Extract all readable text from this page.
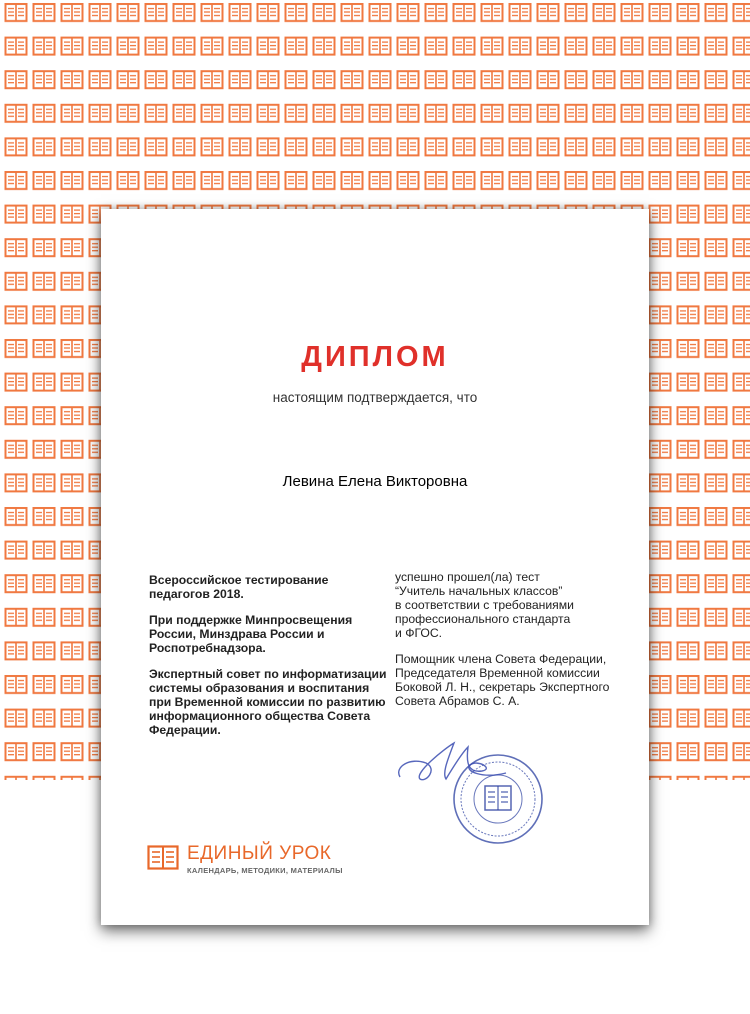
ДИПЛОМ
настоящим подтверждается, что
Левина Елена Викторовна

Всероссийское тестирование педагогов 2018.

При поддержке Минпросвещения России, Минздрава России и Роспотребнадзора.

Экспертный совет по информатизации системы образования и воспитания при Временной комиссии по развитию информационного общества Совета Федерации.

успешно прошел(ла) тест
“Учитель начальных классов”
в соответствии с требованиями
профессионального стандарта
и ФГОС.

Помощник члена Совета Федерации,
Председателя Временной комиссии
Боковой Л. Н., секретарь Экспертного
Совета Абрамов С. А.

ЕДИНЫЙ УРОК
КАЛЕНДАРЬ, МЕТОДИКИ, МАТЕРИАЛЫ
